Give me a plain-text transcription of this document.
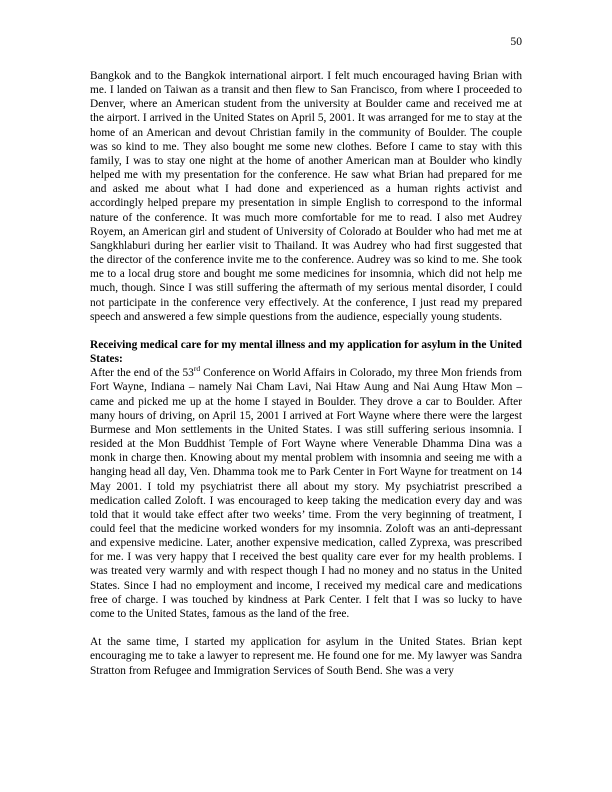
50

Bangkok and to the Bangkok international airport. I felt much encouraged having Brian with me. I landed on Taiwan as a transit and then flew to San Francisco, from where I proceeded to Denver, where an American student from the university at Boulder came and received me at the airport. I arrived in the United States on April 5, 2001. It was arranged for me to stay at the home of an American and devout Christian family in the community of Boulder. The couple was so kind to me. They also bought me some new clothes. Before I came to stay with this family, I was to stay one night at the home of another American man at Boulder who kindly helped me with my presentation for the conference. He saw what Brian had prepared for me and asked me about what I had done and experienced as a human rights activist and accordingly helped prepare my presentation in simple English to correspond to the informal nature of the conference. It was much more comfortable for me to read. I also met Audrey Royem, an American girl and student of University of Colorado at Boulder who had met me at Sangkhlaburi during her earlier visit to Thailand. It was Audrey who had first suggested that the director of the conference invite me to the conference. Audrey was so kind to me. She took me to a local drug store and bought me some medicines for insomnia, which did not help me much, though. Since I was still suffering the aftermath of my serious mental disorder, I could not participate in the conference very effectively. At the conference, I just read my prepared speech and answered a few simple questions from the audience, especially young students.

Receiving medical care for my mental illness and my application for asylum in the United States:

After the end of the 53rd Conference on World Affairs in Colorado, my three Mon friends from Fort Wayne, Indiana – namely Nai Cham Lavi, Nai Htaw Aung and Nai Aung Htaw Mon – came and picked me up at the home I stayed in Boulder. They drove a car to Boulder. After many hours of driving, on April 15, 2001 I arrived at Fort Wayne where there were the largest Burmese and Mon settlements in the United States. I was still suffering serious insomnia. I resided at the Mon Buddhist Temple of Fort Wayne where Venerable Dhamma Dina was a monk in charge then. Knowing about my mental problem with insomnia and seeing me with a hanging head all day, Ven. Dhamma took me to Park Center in Fort Wayne for treatment on 14 May 2001. I told my psychiatrist there all about my story. My psychiatrist prescribed a medication called Zoloft. I was encouraged to keep taking the medication every day and was told that it would take effect after two weeks’ time. From the very beginning of treatment, I could feel that the medicine worked wonders for my insomnia. Zoloft was an anti-depressant and expensive medicine. Later, another expensive medication, called Zyprexa, was prescribed for me. I was very happy that I received the best quality care ever for my health problems. I was treated very warmly and with respect though I had no money and no status in the United States. Since I had no employment and income, I received my medical care and medications free of charge. I was touched by kindness at Park Center. I felt that I was so lucky to have come to the United States, famous as the land of the free.

At the same time, I started my application for asylum in the United States. Brian kept encouraging me to take a lawyer to represent me. He found one for me. My lawyer was Sandra Stratton from Refugee and Immigration Services of South Bend. She was a very
